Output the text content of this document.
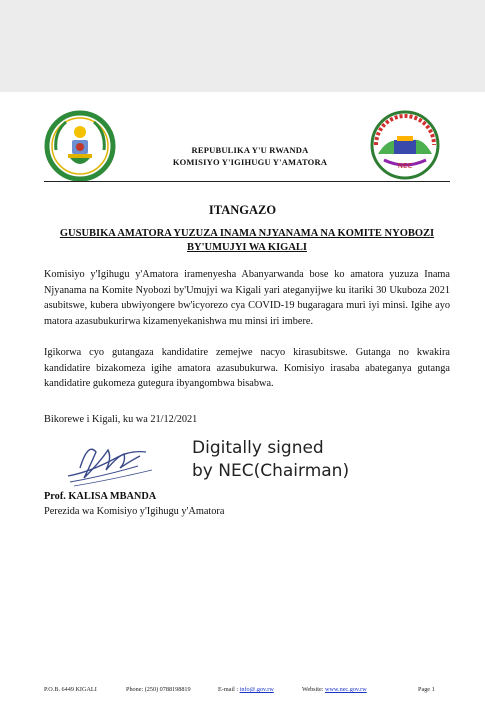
NEC
REPUBULIKA Y'U RWANDA
KOMISIYO Y'IGIHUGU Y'AMATORA
ITANGAZO
GUSUBIKA AMATORA YUZUZA INAMA NJYANAMA NA KOMITE NYOBOZI BY'UMUJYI WA KIGALI
Komisiyo y'Igihugu y'Amatora iramenyesha Abanyarwanda bose ko amatora yuzuza Inama Njyanama na Komite Nyobozi by'Umujyi wa Kigali yari ateganyijwe ku itariki 30 Ukuboza 2021 asubitswe, kubera ubwiyongere bw'icyorezo cya COVID-19 bugaragara muri iyi minsi. Igihe ayo matora azasubukurirwa kizamenyekanishwa mu minsi iri imbere.
Igikorwa cyo gutangaza kandidatire zemejwe nacyo kirasubitswe. Gutanga no kwakira kandidatire bizakomeza igihe amatora azasubukurwa. Komisiyo irasaba abateganya gutanga kandidatire gukomeza gutegura ibyangombwa bisabwa.
Bikorewe i Kigali, ku wa 21/12/2021
Digitally signed
by NEC(Chairman)
Prof. KALISA MBANDA
Perezida wa Komisiyo y'Igihugu y'Amatora
P.O.B. 6449 KIGALI	Phone: (250) 0788198819	E-mail : info@.gov.rw	Website: www.nec.gov.rw	Page 1
